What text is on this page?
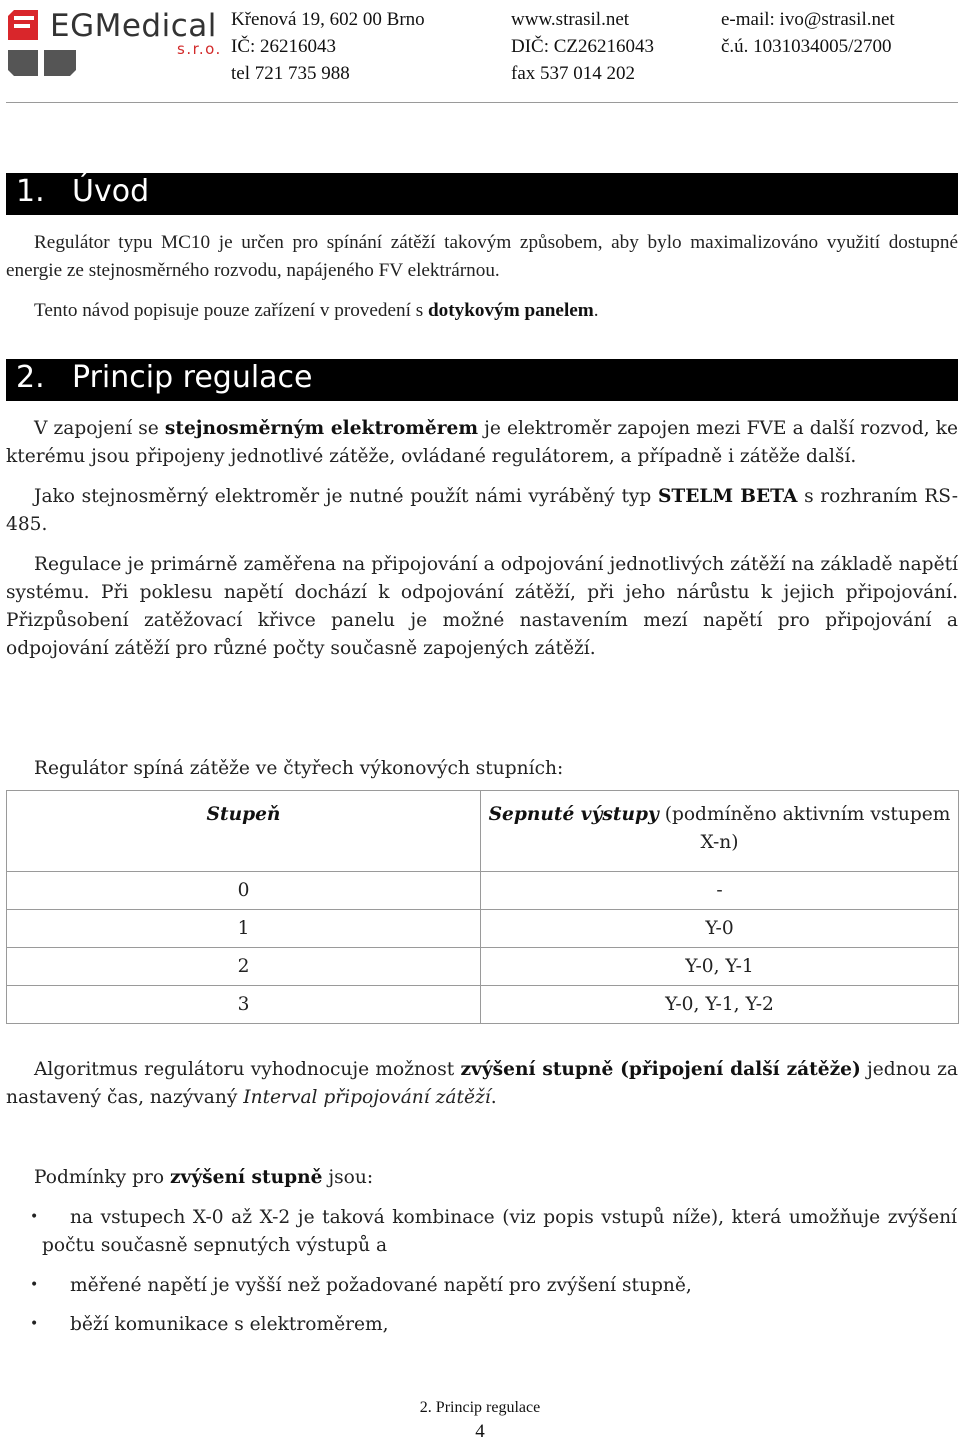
EGMedical
s.r.o.
Křenová 19, 602 00 Brno
IČ: 26216043
tel 721 735 988
www.strasil.net
DIČ: CZ26216043
fax 537 014 202
e-mail: ivo@strasil.net
č.ú. 1031034005/2700
1. Úvod
Regulátor typu MC10 je určen pro spínání zátěží takovým způsobem, aby bylo maximalizováno využití dostupné energie ze stejnosměrného rozvodu, napájeného FV elektrárnou.
Tento návod popisuje pouze zařízení v provedení s dotykovým panelem.
2. Princip regulace
V zapojení se stejnosměrným elektroměrem je elektroměr zapojen mezi FVE a další rozvod, ke kterému jsou připojeny jednotlivé zátěže, ovládané regulátorem, a případně i zátěže další.
Jako stejnosměrný elektroměr je nutné použít námi vyráběný typ STELM BETA s rozhraním RS-485.
Regulace je primárně zaměřena na připojování a odpojování jednotlivých zátěží na základě napětí systému. Při poklesu napětí dochází k odpojování zátěží, při jeho nárůstu k jejich připojování. Přizpůsobení zatěžovací křivce panelu je možné nastavením mezí napětí pro připojování a odpojování zátěží pro různé počty současně zapojených zátěží.
Regulátor spíná zátěže ve čtyřech výkonových stupních:
Stupeň	Sepnuté výstupy (podmíněno aktivním vstupem X-n)
0	-
1	Y-0
2	Y-0, Y-1
3	Y-0, Y-1, Y-2
Algoritmus regulátoru vyhodnocuje možnost zvýšení stupně (připojení další zátěže) jednou za nastavený čas, nazývaný Interval připojování zátěží.
Podmínky pro zvýšení stupně jsou:
•	na vstupech X-0 až X-2 je taková kombinace (viz popis vstupů níže), která umožňuje zvýšení počtu současně sepnutých výstupů a
• měřené napětí je vyšší než požadované napětí pro zvýšení stupně,
• běží komunikace s elektroměrem,
2. Princip regulace
4
